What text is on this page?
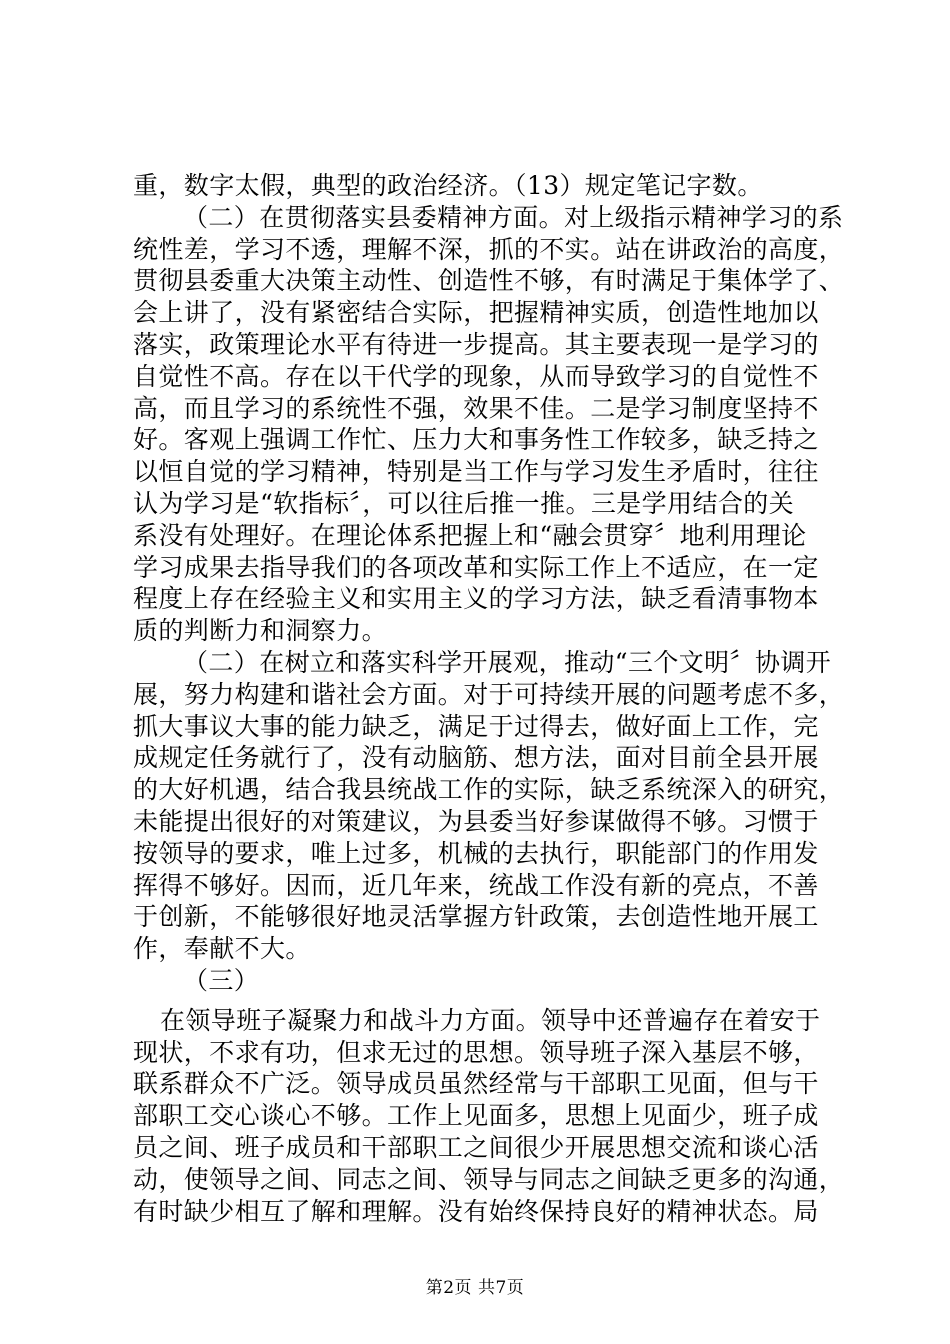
重，数字太假，典型的政治经济。（13）规定笔记字数。
（二）在贯彻落实县委精神方面。对上级指示精神学习的系
统性差，学习不透，理解不深，抓的不实。站在讲政治的高度，
贯彻县委重大决策主动性、创造性不够，有时满足于集体学了、
会上讲了，没有紧密结合实际，把握精神实质，创造性地加以
落实，政策理论水平有待进一步提高。其主要表现一是学习的
自觉性不高。存在以干代学的现象，从而导致学习的自觉性不
高，而且学习的系统性不强，效果不佳。二是学习制度坚持不
好。客观上强调工作忙、压力大和事务性工作较多，缺乏持之
以恒自觉的学习精神，特别是当工作与学习发生矛盾时，往往
认为学习是“软指标〞，可以往后推一推。三是学用结合的关
系没有处理好。在理论体系把握上和“融会贯穿〞地利用理论
学习成果去指导我们的各项改革和实际工作上不适应，在一定
程度上存在经验主义和实用主义的学习方法，缺乏看清事物本
质的判断力和洞察力。
（二）在树立和落实科学开展观，推动“三个文明〞协调开
展，努力构建和谐社会方面。对于可持续开展的问题考虑不多，
抓大事议大事的能力缺乏，满足于过得去，做好面上工作，完
成规定任务就行了，没有动脑筋、想方法，面对目前全县开展
的大好机遇，结合我县统战工作的实际，缺乏系统深入的研究，
未能提出很好的对策建议，为县委当好参谋做得不够。习惯于
按领导的要求，唯上过多，机械的去执行，职能部门的作用发
挥得不够好。因而，近几年来，统战工作没有新的亮点，不善
于创新，不能够很好地灵活掌握方针政策，去创造性地开展工
作，奉献不大。
（三）
在领导班子凝聚力和战斗力方面。领导中还普遍存在着安于
现状，不求有功，但求无过的思想。领导班子深入基层不够，
联系群众不广泛。领导成员虽然经常与干部职工见面，但与干
部职工交心谈心不够。工作上见面多，思想上见面少，班子成
员之间、班子成员和干部职工之间很少开展思想交流和谈心活
动，使领导之间、同志之间、领导与同志之间缺乏更多的沟通，
有时缺少相互了解和理解。没有始终保持良好的精神状态。局
第2页 共7页
